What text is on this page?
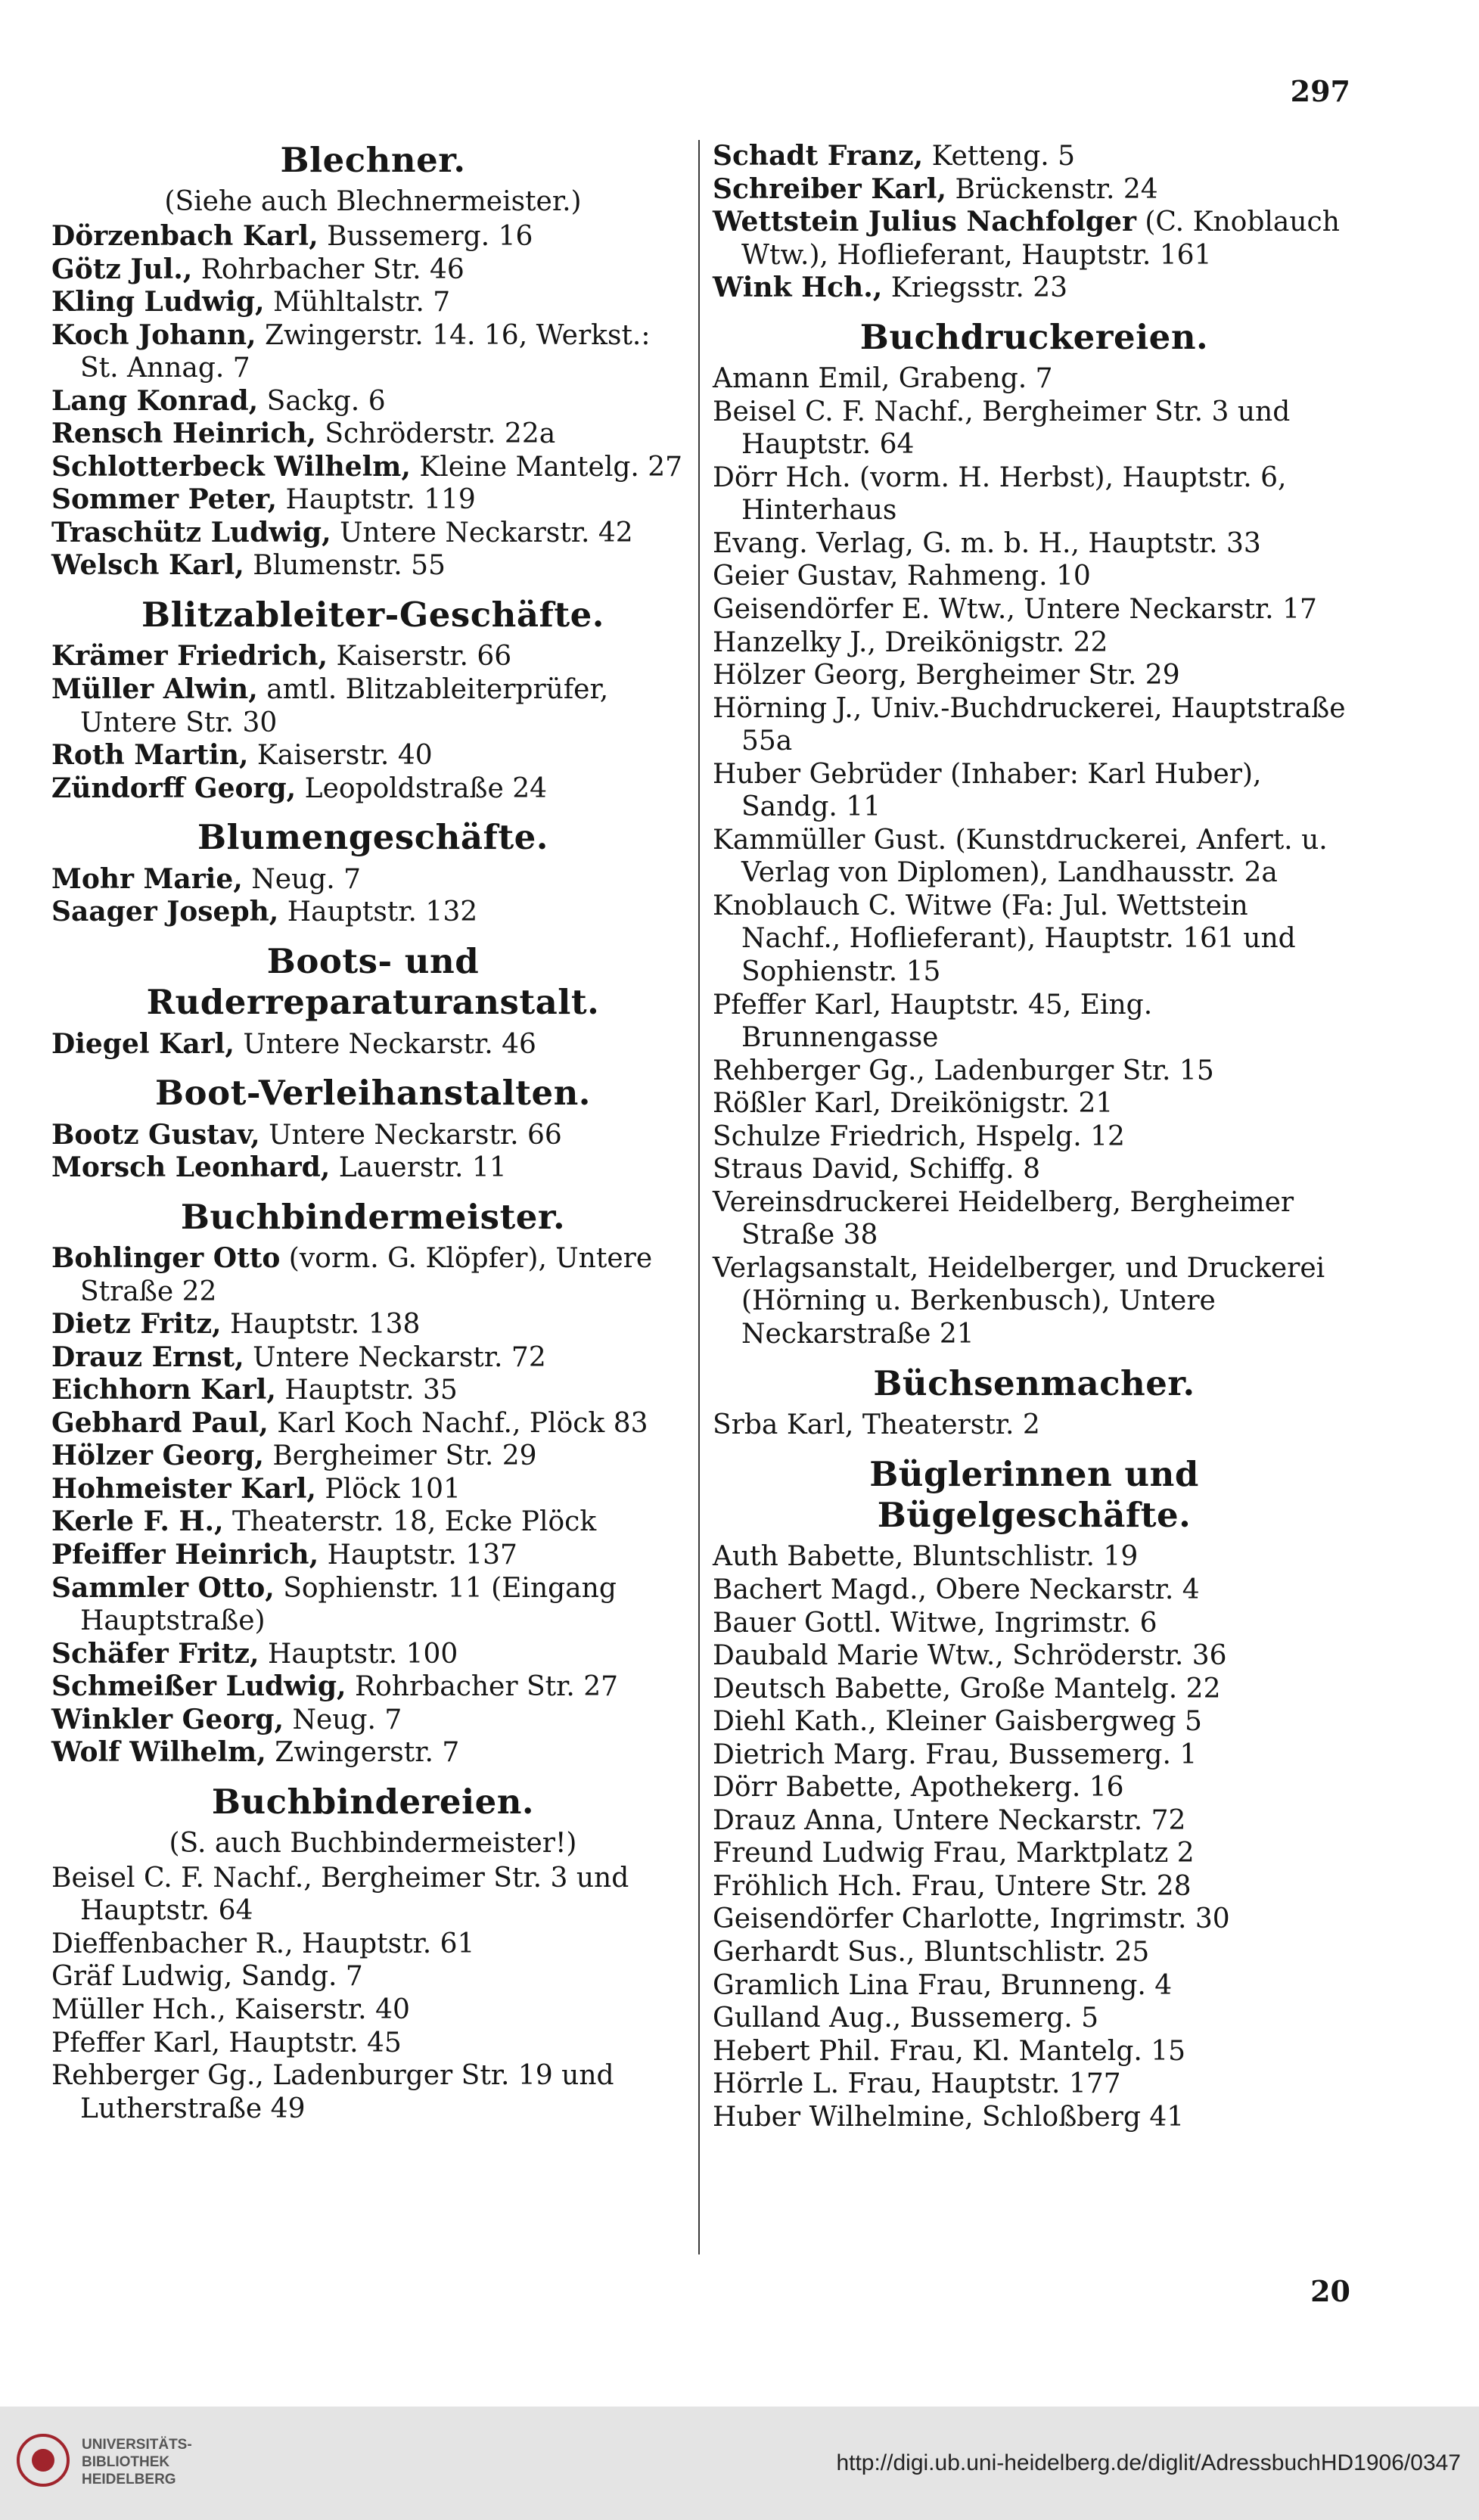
297
Blechner.
(Siehe auch Blechnermeister.)
Dörzenbach Karl, Bussemerg. 16
Götz Jul., Rohrbacher Str. 46
Kling Ludwig, Mühltalstr. 7
Koch Johann, Zwingerstr. 14. 16, Werkst.: St. Annag. 7
Lang Konrad, Sackg. 6
Rensch Heinrich, Schröderstr. 22a
Schlotterbeck Wilhelm, Kleine Mantelg. 27
Sommer Peter, Hauptstr. 119
Traschütz Ludwig, Untere Neckarstr. 42
Welsch Karl, Blumenstr. 55
Blitzableiter-Geschäfte.
Krämer Friedrich, Kaiserstr. 66
Müller Alwin, amtl. Blitzableiterprüfer, Untere Str. 30
Roth Martin, Kaiserstr. 40
Zündorff Georg, Leopoldstraße 24
Blumengeschäfte.
Mohr Marie, Neug. 7
Saager Joseph, Hauptstr. 132
Boots- und Ruderreparaturanstalt.
Diegel Karl, Untere Neckarstr. 46
Boot-Verleihanstalten.
Bootz Gustav, Untere Neckarstr. 66
Morsch Leonhard, Lauerstr. 11
Buchbindermeister.
Bohlinger Otto (vorm. G. Klöpfer), Untere Straße 22
Dietz Fritz, Hauptstr. 138
Drauz Ernst, Untere Neckarstr. 72
Eichhorn Karl, Hauptstr. 35
Gebhard Paul, Karl Koch Nachf., Plöck 83
Hölzer Georg, Bergheimer Str. 29
Hohmeister Karl, Plöck 101
Kerle F. H., Theaterstr. 18, Ecke Plöck
Pfeiffer Heinrich, Hauptstr. 137
Sammler Otto, Sophienstr. 11 (Eingang Hauptstraße)
Schäfer Fritz, Hauptstr. 100
Schmeißer Ludwig, Rohrbacher Str. 27
Winkler Georg, Neug. 7
Wolf Wilhelm, Zwingerstr. 7
Buchbindereien.
(S. auch Buchbindermeister!)
Beisel C. F. Nachf., Bergheimer Str. 3 und Hauptstr. 64
Dieffenbacher R., Hauptstr. 61
Gräf Ludwig, Sandg. 7
Müller Hch., Kaiserstr. 40
Pfeffer Karl, Hauptstr. 45
Rehberger Gg., Ladenburger Str. 19 und Lutherstraße 49
Schadt Franz, Ketteng. 5
Schreiber Karl, Brückenstr. 24
Wettstein Julius Nachfolger (C. Knoblauch Wtw.), Hoflieferant, Hauptstr. 161
Wink Hch., Kriegsstr. 23
Buchdruckereien.
Amann Emil, Grabeng. 7
Beisel C. F. Nachf., Bergheimer Str. 3 und Hauptstr. 64
Dörr Hch. (vorm. H. Herbst), Hauptstr. 6, Hinterhaus
Evang. Verlag, G. m. b. H., Hauptstr. 33
Geier Gustav, Rahmeng. 10
Geisendörfer E. Wtw., Untere Neckarstr. 17
Hanzelky J., Dreikönigstr. 22
Hölzer Georg, Bergheimer Str. 29
Hörning J., Univ.-Buchdruckerei, Hauptstraße 55a
Huber Gebrüder (Inhaber: Karl Huber), Sandg. 11
Kammüller Gust. (Kunstdruckerei, Anfert. u. Verlag von Diplomen), Landhausstr. 2a
Knoblauch C. Witwe (Fa: Jul. Wettstein Nachf., Hoflieferant), Hauptstr. 161 und Sophienstr. 15
Pfeffer Karl, Hauptstr. 45, Eing. Brunnengasse
Rehberger Gg., Ladenburger Str. 15
Rößler Karl, Dreikönigstr. 21
Schulze Friedrich, Hspelg. 12
Straus David, Schiffg. 8
Vereinsdruckerei Heidelberg, Bergheimer Straße 38
Verlagsanstalt, Heidelberger, und Druckerei (Hörning u. Berkenbusch), Untere Neckarstraße 21
Büchsenmacher.
Srba Karl, Theaterstr. 2
Büglerinnen und Bügelgeschäfte.
Auth Babette, Bluntschlistr. 19
Bachert Magd., Obere Neckarstr. 4
Bauer Gottl. Witwe, Ingrimstr. 6
Daubald Marie Wtw., Schröderstr. 36
Deutsch Babette, Große Mantelg. 22
Diehl Kath., Kleiner Gaisbergweg 5
Dietrich Marg. Frau, Bussemerg. 1
Dörr Babette, Apothekerg. 16
Drauz Anna, Untere Neckarstr. 72
Freund Ludwig Frau, Marktplatz 2
Fröhlich Hch. Frau, Untere Str. 28
Geisendörfer Charlotte, Ingrimstr. 30
Gerhardt Sus., Bluntschlistr. 25
Gramlich Lina Frau, Brunneng. 4
Gulland Aug., Bussemerg. 5
Hebert Phil. Frau, Kl. Mantelg. 15
Hörrle L. Frau, Hauptstr. 177
Huber Wilhelmine, Schloßberg 41
20
UNIVERSITÄTS-
BIBLIOTHEK
HEIDELBERG
http://digi.ub.uni-heidelberg.de/diglit/AdressbuchHD1906/0347
